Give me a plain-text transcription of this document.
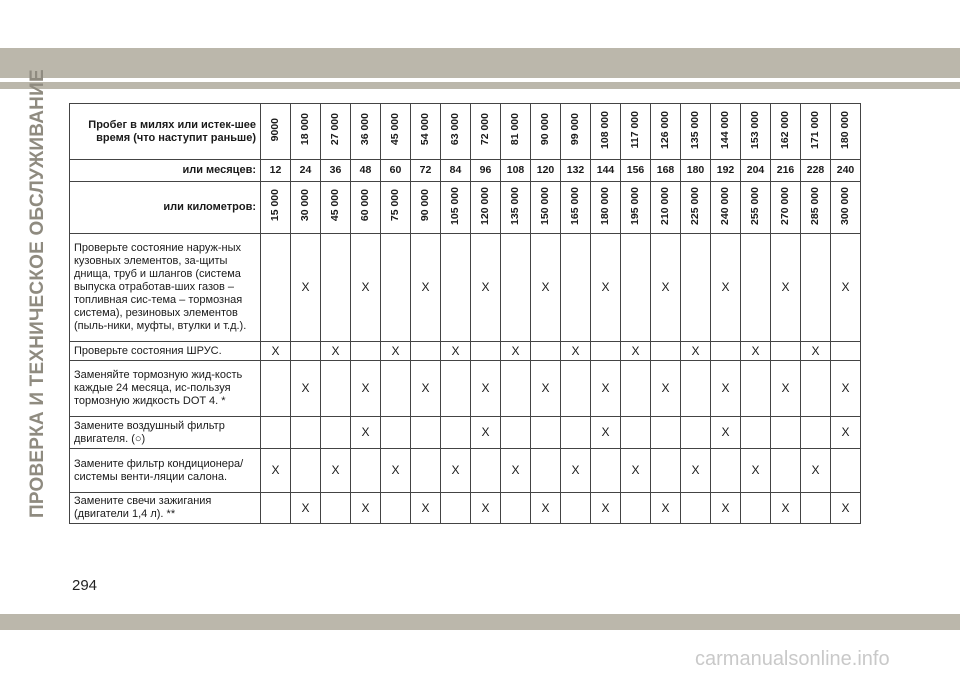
ПРОВЕРКА И ТЕХНИЧЕСКОЕ ОБСЛУЖИВАНИЕ	Пробег в милях или истек-шее время (что наступит раньше)	9000	18 000	27 000	36 000	45 000	54 000	63 000	72 000	81 000	90 000	99 000	108 000	117 000	126 000	135 000	144 000	153 000	162 000	171 000	180 000
или месяцев:	12	24	36	48	60	72	84	96	108	120	132	144	156	168	180	192	204	216	228	240
или километров:	15 000	30 000	45 000	60 000	75 000	90 000	105 000	120 000	135 000	150 000	165 000	180 000	195 000	210 000	225 000	240 000	255 000	270 000	285 000	300 000
Проверьте состояние наруж-ных кузовных элементов, за-щиты днища, труб и шлангов (система выпуска отработав-ших газов – топливная сис-тема – тормозная система), резиновых элементов (пыль-ники, муфты, втулки и т.д.).		X		X		X		X		X		X		X		X		X		X
Проверьте состояния ШРУС.	X		X		X		X		X		X		X		X		X		X	
Заменяйте тормозную жид-кость каждые 24 месяца, ис-пользуя тормозную жидкость DOT 4. *		X		X		X		X		X		X		X		X		X		X
Замените воздушный фильтр двигателя. (○)				X				X				X				X				X
Замените фильтр кондиционера/системы венти-ляции салона.	X		X		X		X		X		X		X		X		X		X	
Замените свечи зажигания (двигатели 1,4 л). **		X		X		X		X		X		X		X		X		X		X
294
carmanualsonline.info
